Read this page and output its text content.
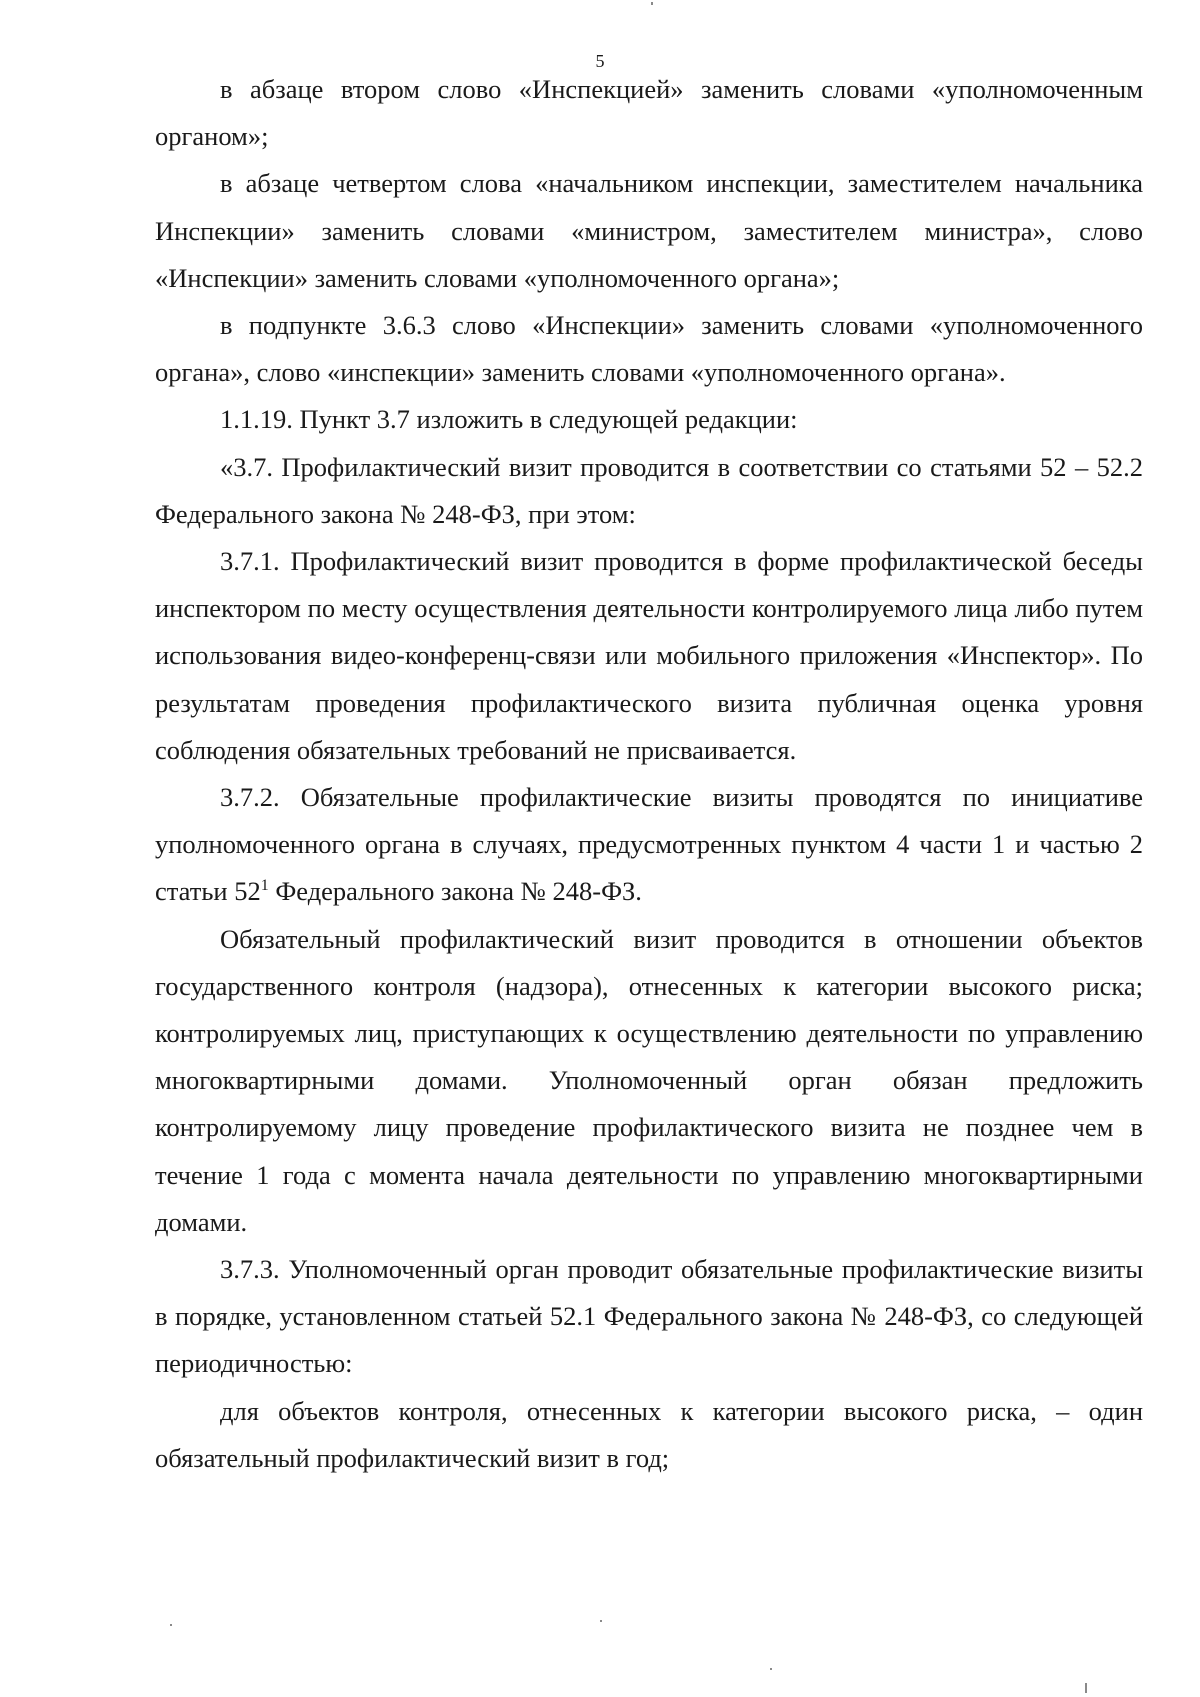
5

в абзаце втором слово «Инспекцией» заменить словами «уполномоченным органом»;

в абзаце четвертом слова «начальником инспекции, заместителем начальника Инспекции» заменить словами «министром, заместителем министра», слово «Инспекции» заменить словами «уполномоченного органа»;

в подпункте 3.6.3 слово «Инспекции» заменить словами «уполномоченного органа», слово «инспекции» заменить словами «уполномоченного органа».

1.1.19. Пункт 3.7 изложить в следующей редакции:

«3.7. Профилактический визит проводится в соответствии со статьями 52 – 52.2 Федерального закона № 248-ФЗ, при этом:

3.7.1. Профилактический визит проводится в форме профилактической беседы инспектором по месту осуществления деятельности контролируемого лица либо путем использования видео-конференц-связи или мобильного приложения «Инспектор». По результатам проведения профилактического визита публичная оценка уровня соблюдения обязательных требований не присваивается.

3.7.2. Обязательные профилактические визиты проводятся по инициативе уполномоченного органа в случаях, предусмотренных пунктом 4 части 1 и частью 2 статьи $52^1$ Федерального закона № 248-ФЗ.

Обязательный профилактический визит проводится в отношении объектов государственного контроля (надзора), отнесенных к категории высокого риска; контролируемых лиц, приступающих к осуществлению деятельности по управлению многоквартирными домами. Уполномоченный орган обязан предложить контролируемому лицу проведение профилактического визита не позднее чем в течение 1 года с момента начала деятельности по управлению многоквартирными домами.

3.7.3. Уполномоченный орган проводит обязательные профилактические визиты в порядке, установленном статьей 52.1 Федерального закона № 248-ФЗ, со следующей периодичностью:

для объектов контроля, отнесенных к категории высокого риска, – один обязательный профилактический визит в год;
